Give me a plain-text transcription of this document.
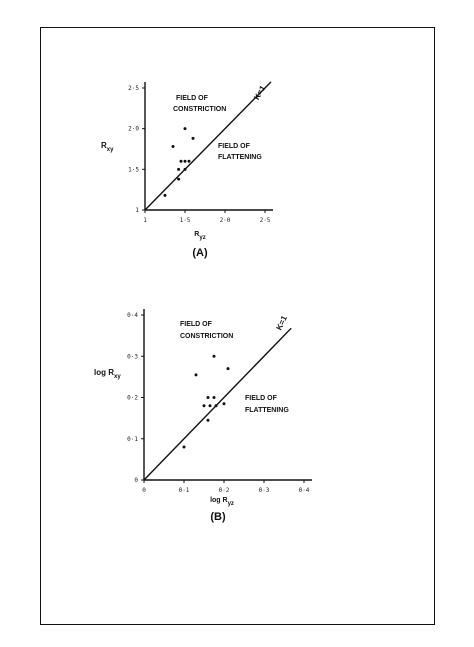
1	1·5	2·0	2·5
1
1·5
2·0
2·5	K=1
FIELD OF
CONSTRICTION
FIELD OF
FLATTENING
$R_{xy}$
Ryz
(A)
0	0·1	0·2	0·3	0·4
0
0·1
0·2
0·3
0·4	K=1
FIELD OF
CONSTRICTION
FIELD OF
FLATTENING
$\log R_{xy}$
log Ryz
(B)
